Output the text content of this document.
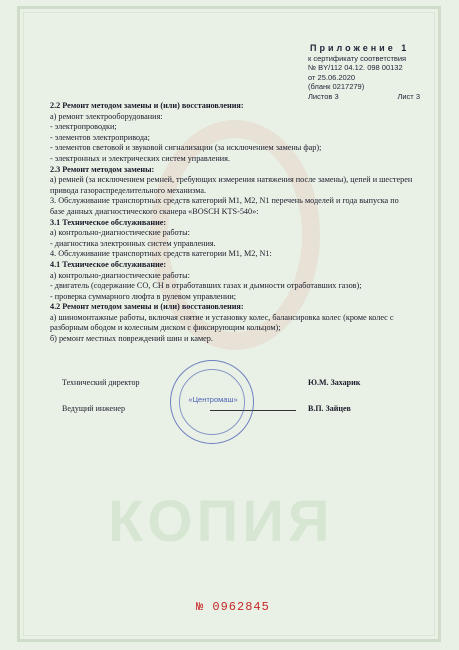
КОПИЯ
Приложение 1
к сертификату соответствия
№ BY/112 04.12. 098 00132
от 25.06.2020
(бланк 0217279)
Листов 3	Лист 3

2.2 Ремонт методом замены и (или) восстановления:

а) ремонт электрооборудования:

- электропроводки;

- элементов электропривода;

- элементов световой и звуковой сигнализации (за исключением замены фар);

- электронных и электрических систем управления.

2.3 Ремонт методом замены:

а) ремней (за исключением ремней, требующих измерения натяжения после замены), цепей и шестерен привода газораспределительного механизма.

3. Обслуживание транспортных средств категорий M1, M2, N1 перечень моделей и года выпуска по базе данных диагностического сканера «BOSCH KTS-540»:

3.1 Техническое обслуживание:

а) контрольно-диагностические работы:

- диагностика электронных систем управления.

4. Обслуживание транспортных средств категории M1, M2, N1:

4.1 Техническое обслуживание:

а) контрольно-диагностические работы:

- двигатель (содержание СО, СН в отработавших газах и дымности отработавших газов);

- проверка суммарного люфта в рулевом управлении;

4.2 Ремонт методом замены и (или) восстановления:

а) шиномонтажные работы, включая снятие и установку колес, балансировка колес (кроме колес с разборным ободом и колесным диском с фиксирующим кольцом);

б) ремонт местных повреждений шин и камер.

Технический директор	Ю.М. Захарик
Ведущий инженер	В.П. Зайцев
«Центромаш»
№ 0962845
